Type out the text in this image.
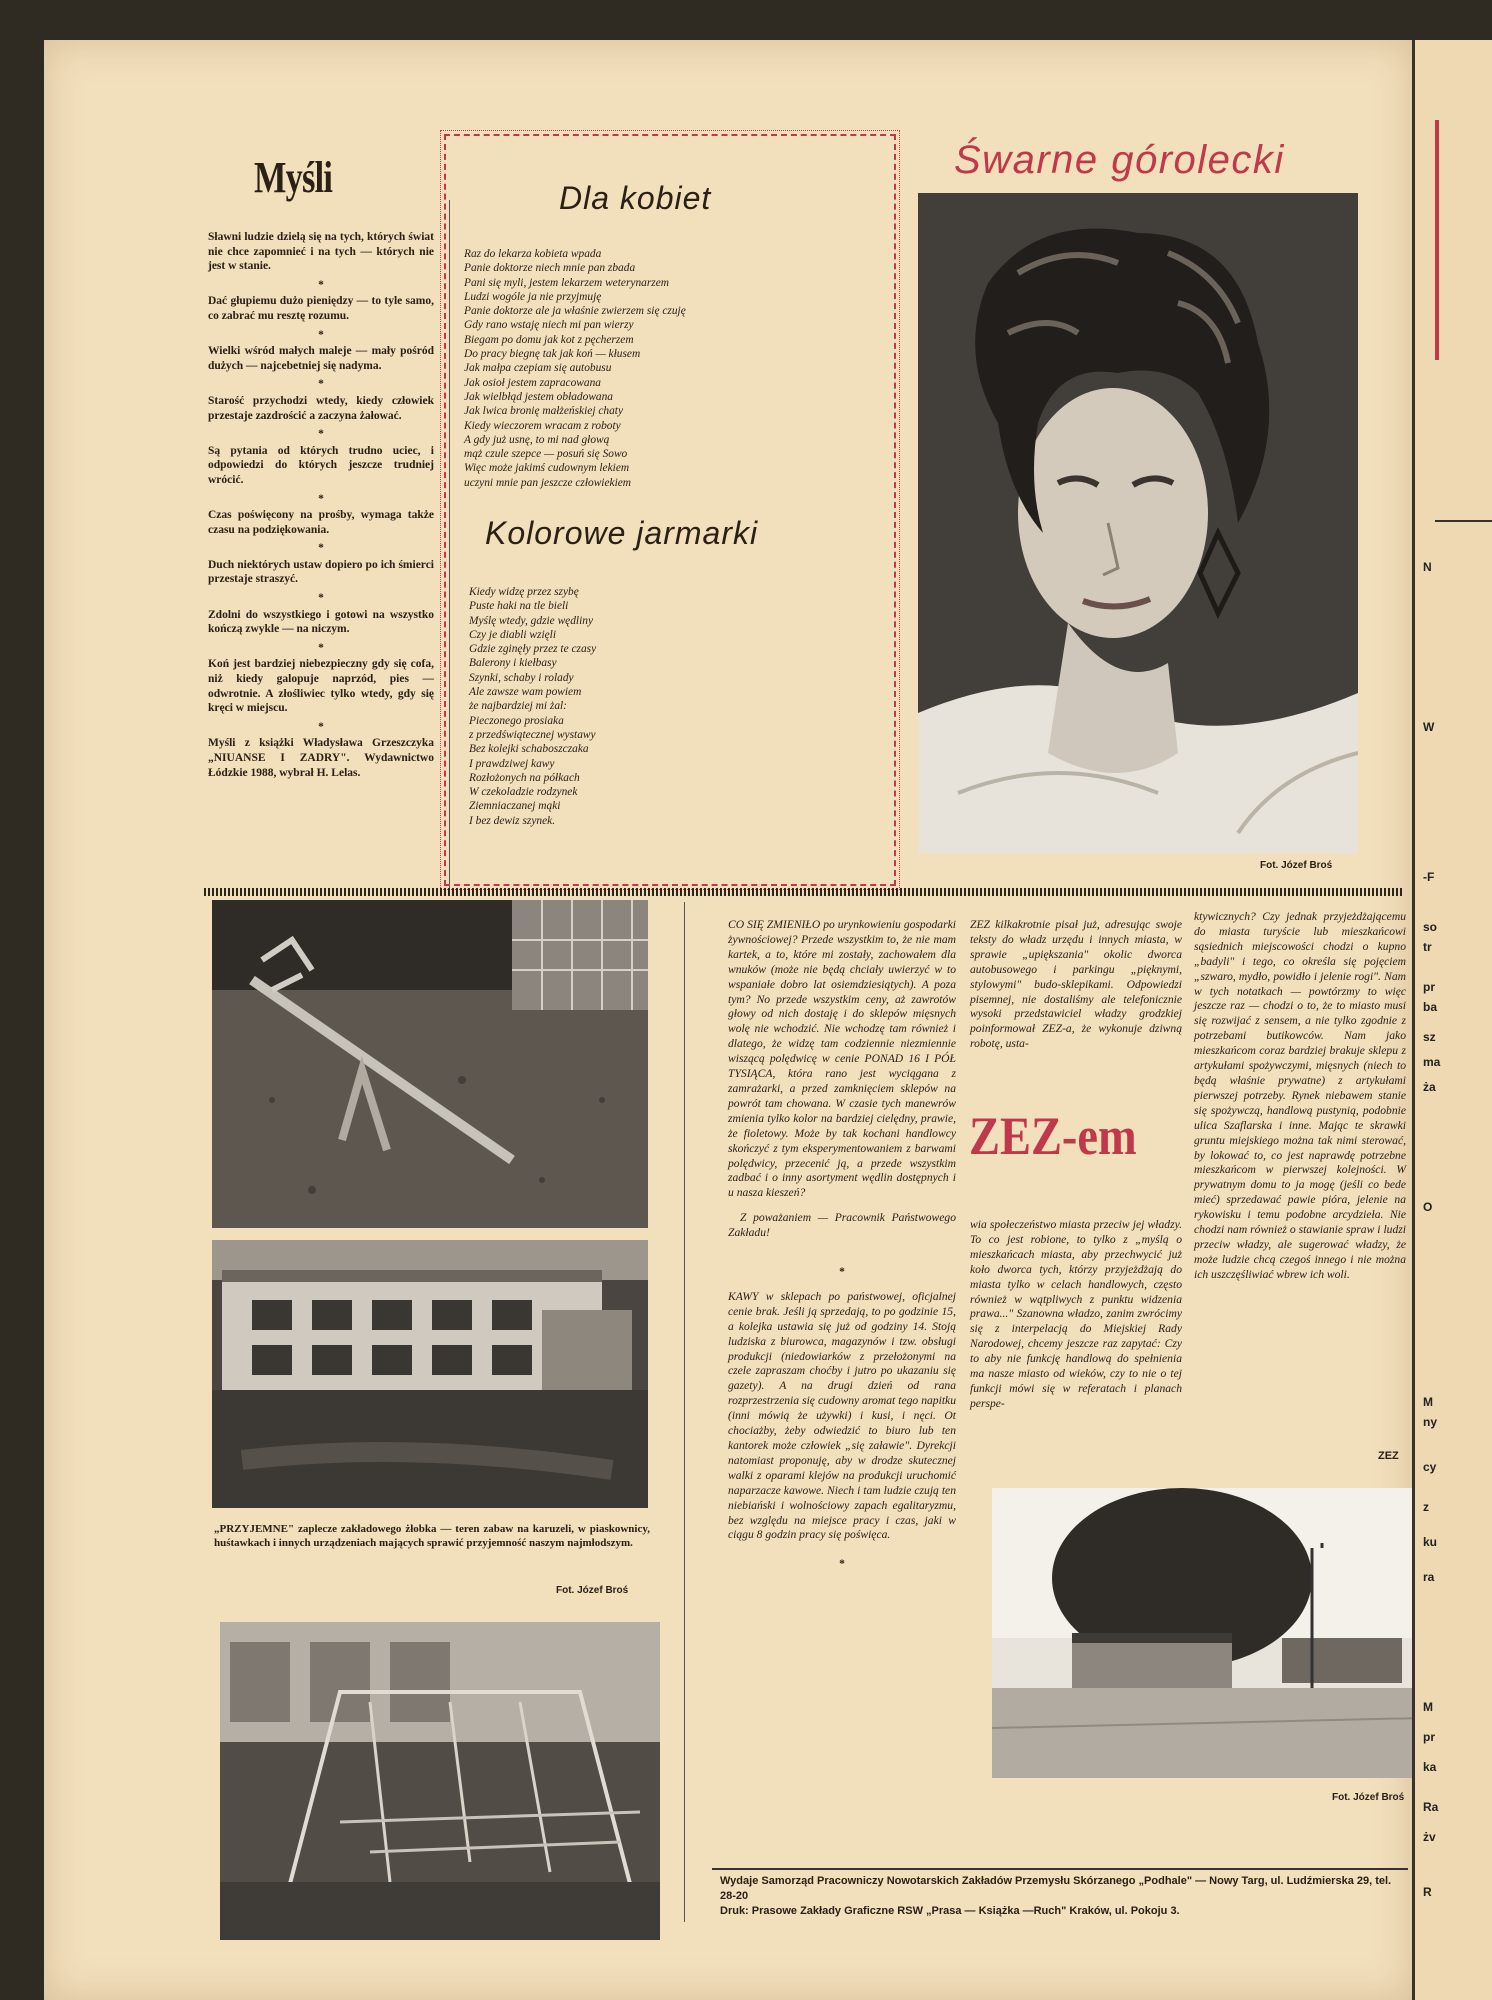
Myśli

Sławni ludzie dzielą się na tych, których świat nie chce zapomnieć i na tych — których nie jest w stanie.

*

Dać głupiemu dużo pieniędzy — to tyle samo, co zabrać mu resztę rozumu.

*

Wielki wśród małych maleje — mały pośród dużych — najcebetniej się nadyma.

*

Starość przychodzi wtedy, kiedy człowiek przestaje zazdrościć a zaczyna żałować.

*

Są pytania od których trudno uciec, i odpowiedzi do których jeszcze trudniej wrócić.

*

Czas poświęcony na prośby, wymaga także czasu na podziękowania.

*

Duch niektórych ustaw dopiero po ich śmierci przestaje straszyć.

*

Zdolni do wszystkiego i gotowi na wszystko kończą zwykle — na niczym.

*

Koń jest bardziej niebezpieczny gdy się cofa, niż kiedy galopuje naprzód, pies — odwrotnie. A złośliwiec tylko wtedy, gdy się kręci w miejscu.

*

Myśli z książki Władysława Grzeszczyka „NIUANSE I ZADRY". Wydawnictwo Łódzkie 1988, wybrał H. Lelas.

Dla kobiet
Raz do lekarza kobieta wpada
Panie doktorze niech mnie pan zbada
Pani się myli, jestem lekarzem weterynarzem
Ludzi wogóle ja nie przyjmuję
Panie doktorze ale ja właśnie zwierzem się czuję
Gdy rano wstaję niech mi pan wierzy
Biegam po domu jak kot z pęcherzem
Do pracy biegnę tak jak koń — kłusem
Jak małpa czepiam się autobusu
Jak osioł jestem zapracowana
Jak wielbłąd jestem obładowana
Jak lwica bronię małżeńskiej chaty
Kiedy wieczorem wracam z roboty
A gdy już usnę, to mi nad głową
mąż czule szepce — posuń się Sowo
Więc może jakimś cudownym lekiem
uczyni mnie pan jeszcze człowiekiem
Kolorowe jarmarki
Kiedy widzę przez szybę
Puste haki na tle bieli
Myślę wtedy, gdzie wędliny
Czy je diabli wzięli
Gdzie zginęły przez te czasy
Balerony i kiełbasy
Szynki, schaby i rolady
Ale zawsze wam powiem
że najbardziej mi żal:
Pieczonego prosiaka
z przedświątecznej wystawy
Bez kolejki schaboszczaka
I prawdziwej kawy
Rozłożonych na półkach
W czekoladzie rodzynek
Ziemniaczanej mąki
I bez dewiz szynek.
Śwarne górolecki
Fot. Józef Broś
„PRZYJEMNE" zaplecze zakładowego żłobka — teren zabaw na karuzeli, w piaskownicy, huśtawkach i innych urządzeniach mających sprawić przyjemność naszym najmłodszym.
Fot. Józef Broś

CO SIĘ ZMIENIŁO po urynkowieniu gospodarki żywnościowej? Przede wszystkim to, że nie mam kartek, a to, które mi zostały, zachowałem dla wnuków (może nie będą chciały uwierzyć w to wspaniałe dobro lat osiemdziesiątych). A poza tym? No przede wszystkim ceny, aż zawrotów głowy od nich dostaję i do sklepów mięsnych wolę nie wchodzić. Nie wchodzę tam również i dlatego, że widzę tam codziennie niezmiennie wiszącą polędwicę w cenie PONAD 16 I PÓŁ TYSIĄCA, która rano jest wyciągana z zamrażarki, a przed zamknięciem sklepów na powrót tam chowana. W czasie tych manewrów zmienia tylko kolor na bardziej cielędny, prawie, że fioletowy. Może by tak kochani handlowcy skończyć z tym eksperymentowaniem z barwami polędwicy, przecenić ją, a przede wszystkim zadbać i o inny asortyment wędlin dostępnych i u nasza kieszeń?

Z poważaniem — Pracownik Państwowego Zakładu!

*

KAWY w sklepach po państwowej, oficjalnej cenie brak. Jeśli ją sprzedają, to po godzinie 15, a kolejka ustawia się już od godziny 14. Stoją ludziska z biurowca, magazynów i tzw. obsługi produkcji (niedowiarków z przełożonymi na czele zapraszam choćby i jutro po ukazaniu się gazety). A na drugi dzień od rana rozprzestrzenia się cudowny aromat tego napitku (inni mówią że używki) i kusi, i nęci. Ot chociażby, żeby odwiedzić to biuro lub ten kantorek może człowiek „się załawie". Dyrekcji natomiast proponuję, aby w drodze skutecznej walki z oparami klejów na produkcji uruchomić naparzacze kawowe. Niech i tam ludzie czują ten niebiański i wolnościowy zapach egalitaryzmu, bez względu na miejsce pracy i czas, jaki w ciągu 8 godzin pracy się poświęca.

*
ZEZ kilkakrotnie pisał już, adresując swoje teksty do władz urzędu i innych miasta, w sprawie „upiększania" okolic dworca autobusowego i parkingu „pięknymi, stylowymi" budo-sklepikami. Odpowiedzi pisemnej, nie dostaliśmy ale telefonicznie wysoki przedstawiciel władzy grodzkiej poinformował ZEZ-a, że wykonuje dziwną robotę, usta-
ZEZ-em
wia społeczeństwo miasta przeciw jej władzy. To co jest robione, to tylko z „myślą o mieszkańcach miasta, aby przechwycić już koło dworca tych, którzy przyjeżdżają do miasta tylko w celach handlowych, często również w wątpliwych z punktu widzenia prawa..." Szanowna władzo, zanim zwrócimy się z interpelacją do Miejskiej Rady Narodowej, chcemy jeszcze raz zapytać: Czy to aby nie funkcję handlową do spełnienia ma nasze miasto od wieków, czy to nie o tej funkcji mówi się w referatach i planach perspe-
ktywicznych? Czy jednak przyjeżdżającemu do miasta turyście lub mieszkańcowi sąsiednich miejscowości chodzi o kupno „badyli" i tego, co określa się pojęciem „szwaro, mydło, powidło i jelenie rogi". Nam w tych notatkach — powtórzmy to więc jeszcze raz — chodzi o to, że to miasto musi się rozwijać z sensem, a nie tylko zgodnie z potrzebami butikowców. Nam jako mieszkańcom coraz bardziej brakuje sklepu z artykułami spożywczymi, mięsnych (niech to będą właśnie prywatne) z artykułami pierwszej potrzeby. Rynek niebawem stanie się spożywczą, handlową pustynią, podobnie ulica Szaflarska i inne. Mając te skrawki gruntu miejskiego można tak nimi sterować, by lokować to, co jest naprawdę potrzebne mieszkańcom w pierwszej kolejności. W prywatnym domu to ja mogę (jeśli co bede mieć) sprzedawać pawie pióra, jelenie na rykowisku i temu podobne arcydzieła. Nie chodzi nam również o stawianie spraw i ludzi przeciw władzy, ale sugerować władzy, że może ludzie chcą czegoś innego i nie można ich uszczęśliwiać wbrew ich woli.
ZEZ
Fot. Józef Broś
Wydaje Samorząd Pracowniczy Nowotarskich Zakładów Przemysłu Skórzanego „Podhale" — Nowy Targ, ul. Ludźmierska 29, tel. 28-20
Druk: Prasowe Zakłady Graficzne RSW „Prasa — Książka —Ruch" Kraków, ul. Pokoju 3.
N
W
-F
so
tr
pr
ba
sz
ma
ża
O
M
ny
cy
z
ku
ra
M
pr
ka
Ra
żv
R
